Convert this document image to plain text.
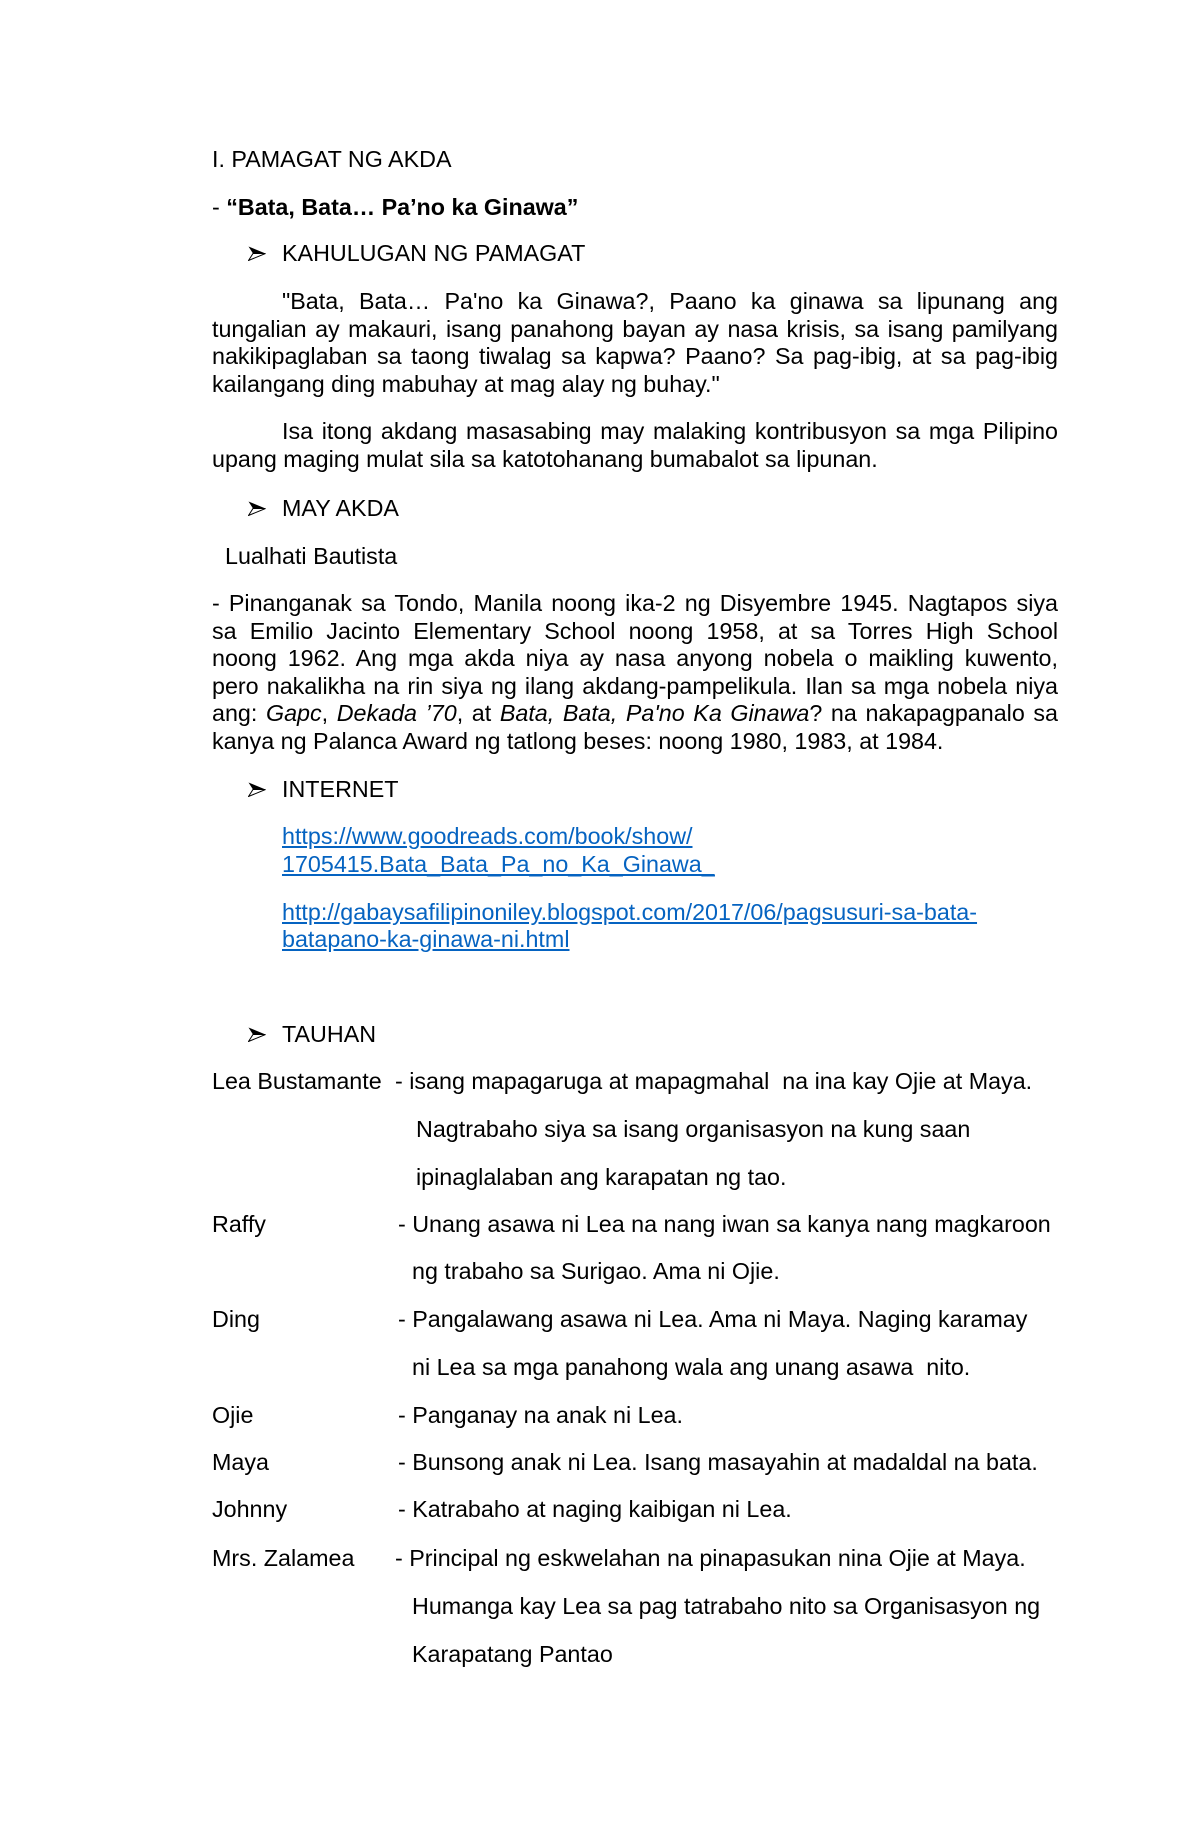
I. PAMAGAT NG AKDA
- “Bata, Bata… Pa’no ka Ginawa”
KAHULUGAN NG PAMAGAT
"Bata, Bata… Pa'no ka Ginawa?, Paano ka ginawa sa lipunang ang
tungalian ay makauri, isang panahong bayan ay nasa krisis, sa isang pamilyang
nakikipaglaban sa taong tiwalag sa kapwa? Paano? Sa pag-ibig, at sa pag-ibig
kailangang ding mabuhay at mag alay ng buhay."
Isa itong akdang masasabing may malaking kontribusyon sa mga Pilipino
upang maging mulat sila sa katotohanang bumabalot sa lipunan.
MAY AKDA
Lualhati Bautista
- Pinanganak sa Tondo, Manila noong ika-2 ng Disyembre 1945. Nagtapos siya
sa Emilio Jacinto Elementary School noong 1958, at sa Torres High School
noong 1962. Ang mga akda niya ay nasa anyong nobela o maikling kuwento,
pero nakalikha na rin siya ng ilang akdang-pampelikula. Ilan sa mga nobela niya
ang: Gapc, Dekada ’70, at Bata, Bata, Pa'no Ka Ginawa? na nakapagpanalo sa
kanya ng Palanca Award ng tatlong beses: noong 1980, 1983, at 1984.
INTERNET
https://www.goodreads.com/book/show/
1705415.Bata_Bata_Pa_no_Ka_Ginawa_
http://gabaysafilipinoniley.blogspot.com/2017/06/pagsusuri-sa-bata-
batapano-ka-ginawa-ni.html
TAUHAN
Lea Bustamante - isang mapagaruga at mapagmahal  na ina kay Ojie at Maya.
Nagtrabaho siya sa isang organisasyon na kung saan
ipinaglalaban ang karapatan ng tao.
Raffy	- Unang asawa ni Lea na nang iwan sa kanya nang magkaroon
ng trabaho sa Surigao. Ama ni Ojie.
Ding	- Pangalawang asawa ni Lea. Ama ni Maya. Naging karamay
ni Lea sa mga panahong wala ang unang asawa  nito.
Ojie	- Panganay na anak ni Lea.
Maya	- Bunsong anak ni Lea. Isang masayahin at madaldal na bata.
Johnny	- Katrabaho at naging kaibigan ni Lea.
Mrs. Zalamea - Principal ng eskwelahan na pinapasukan nina Ojie at Maya.
Humanga kay Lea sa pag tatrabaho nito sa Organisasyon ng
Karapatang Pantao
